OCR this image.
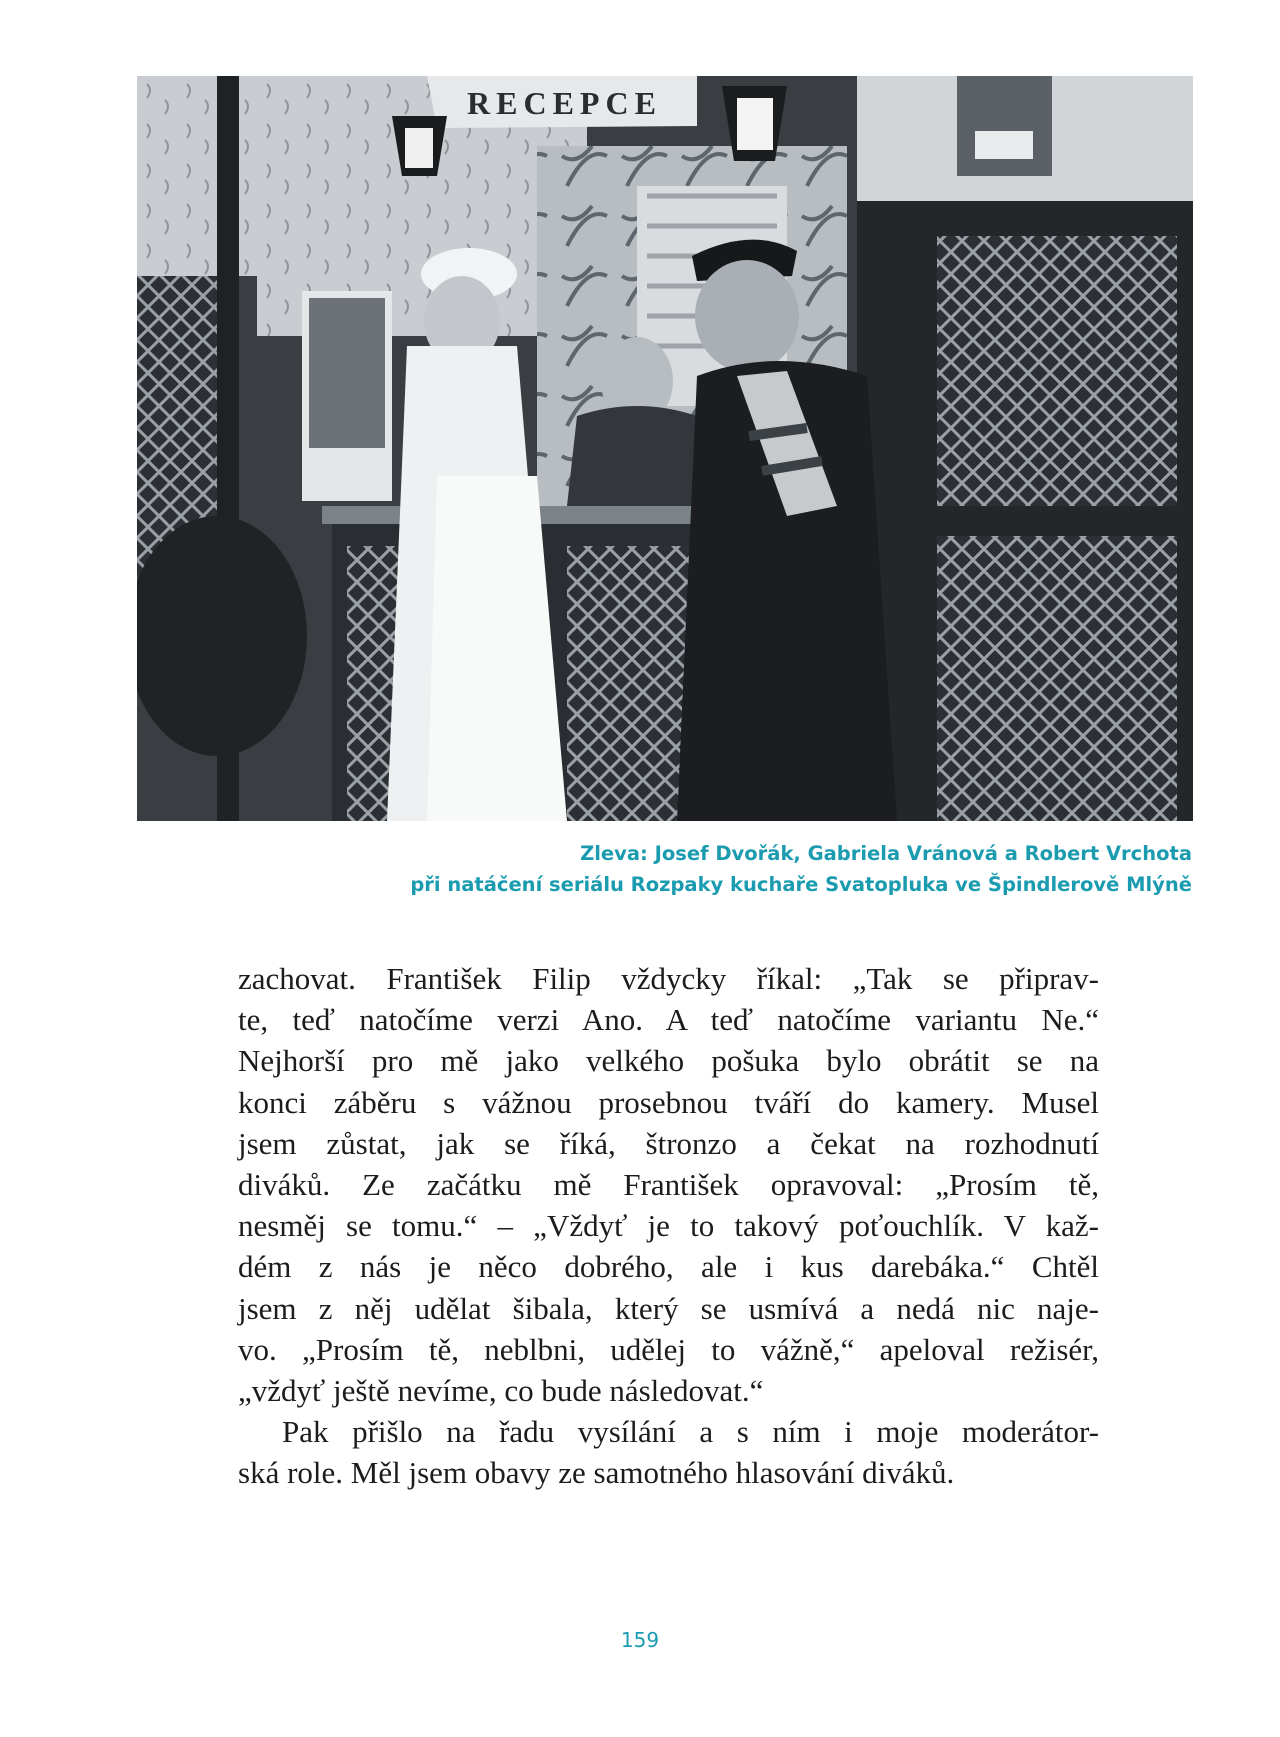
RECEPCE
Zleva: Josef Dvořák, Gabriela Vránová a Robert Vrchota
při natáčení seriálu Rozpaky kuchaře Svatopluka ve Špindlerově Mlýně
zachovat. František Filip vždycky říkal: „Tak se připrav-
te, teď natočíme verzi Ano. A teď natočíme variantu Ne.“
Nejhorší pro mě jako velkého pošuka bylo obrátit se na
konci záběru s vážnou prosebnou tváří do kamery. Musel
jsem zůstat, jak se říká, štronzo a čekat na rozhodnutí
diváků. Ze začátku mě František opravoval: „Prosím tě,
nesměj se tomu.“ – „Vždyť je to takový poťouchlík. V kaž-
dém z nás je něco dobrého, ale i kus darebáka.“ Chtěl
jsem z něj udělat šibala, který se usmívá a nedá nic naje-
vo. „Prosím tě, neblbni, udělej to vážně,“ apeloval režisér,
„vždyť ještě nevíme, co bude následovat.“
Pak přišlo na řadu vysílání a s ním i moje moderátor-
ská role. Měl jsem obavy ze samotného hlasování diváků.
159
